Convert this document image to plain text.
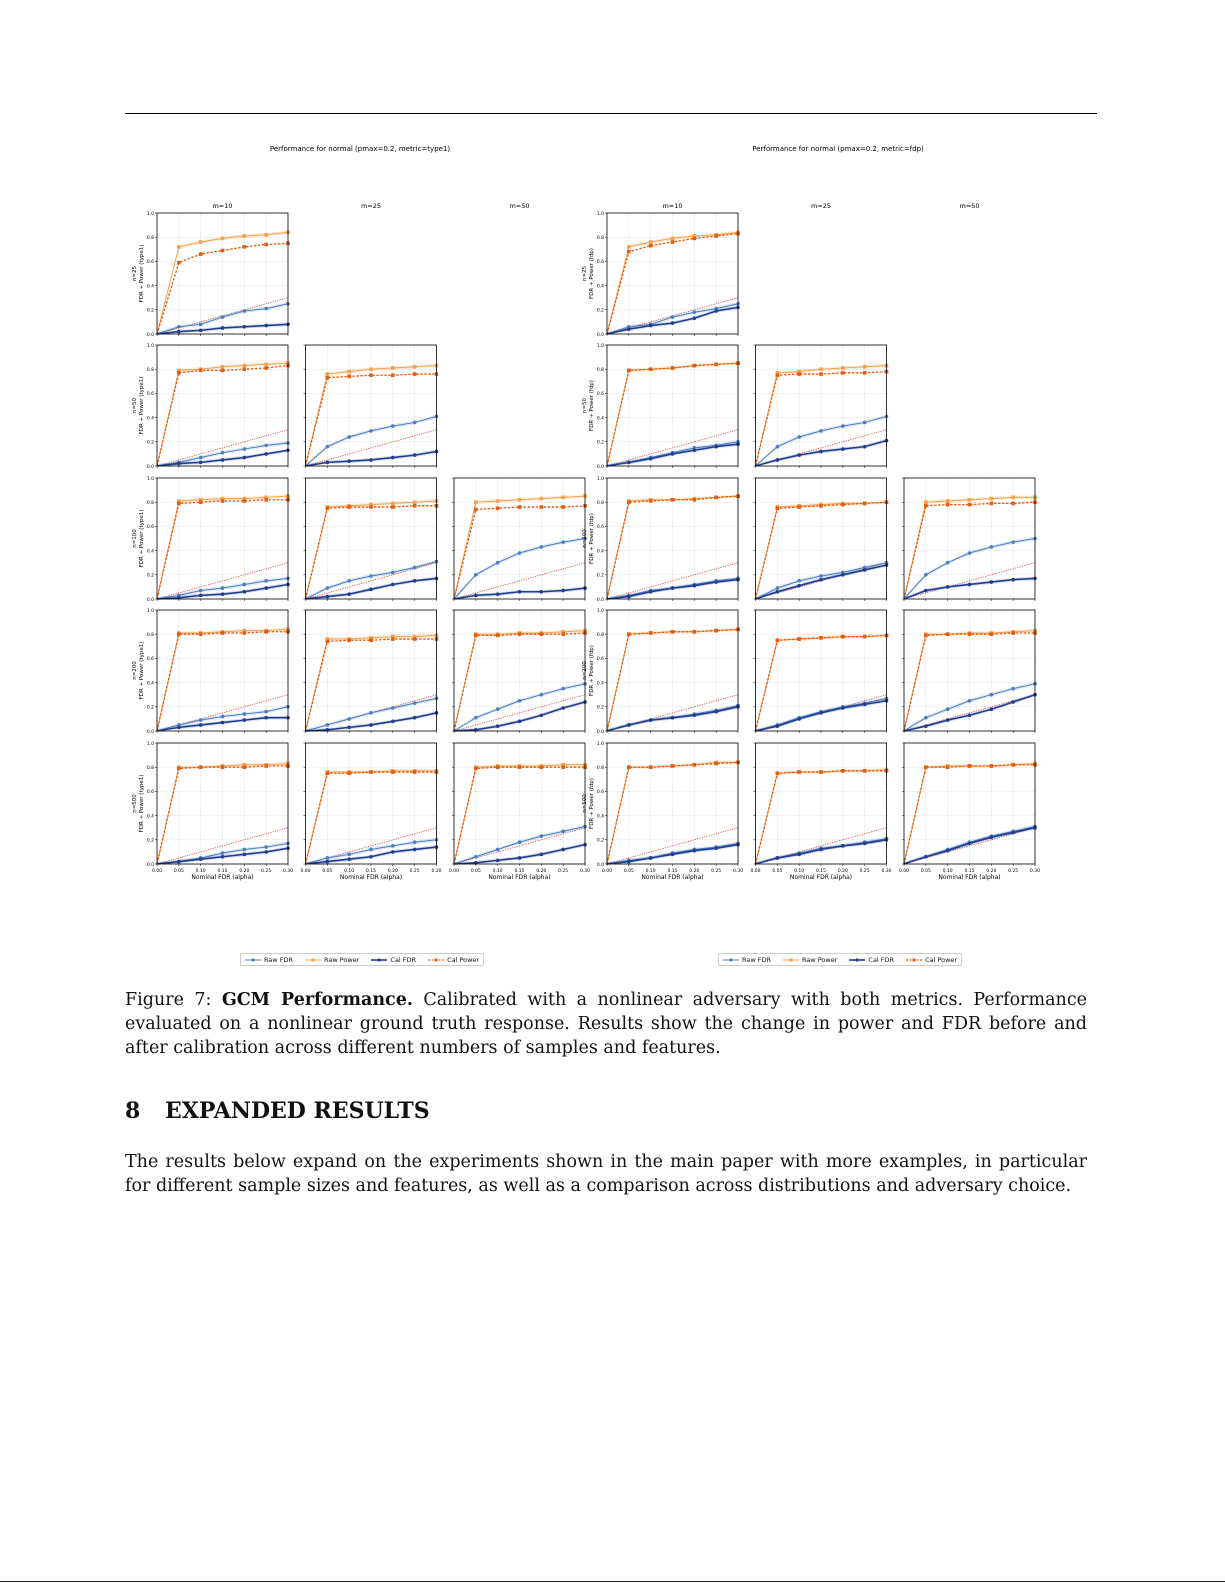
Performance for normal (pmax=0.2, metric=type1)	Performance for normal (pmax=0.2, metric=fdp)
m=10	m=25	m=50
0.0
0.2
0.4
0.6
0.8
1.0
FDR + Power (type1)
n=25
0.0
0.2
0.4
0.6
0.8
1.0
FDR + Power (type1)
n=50
0.0
0.2
0.4
0.6
0.8
1.0
FDR + Power (type1)
n=100
0.0
0.2
0.4
0.6
0.8
1.0
FDR + Power (type1)
n=200
0.0
0.2
0.4
0.6
0.8
1.0
0.00	0.05	0.10	0.15	0.20	0.25	0.30
Nominal FDR (alpha)
FDR + Power (type1)
n=500
0.00	0.05	0.10	0.15	0.20	0.25	0.30
Nominal FDR (alpha)
0.00	0.05	0.10	0.15	0.20	0.25	0.30
Nominal FDR (alpha)
m=10	m=25	m=50
0.0
0.2
0.4
0.6
0.8
1.0
FDR + Power (fdp)
n=25
0.0
0.2
0.4
0.6
0.8
1.0
FDR + Power (fdp)
n=50
0.0
0.2
0.4
0.6
0.8
1.0
FDR + Power (fdp)
n=100
0.0
0.2
0.4
0.6
0.8
1.0
FDR + Power (fdp)
n=200
0.0
0.2
0.4
0.6
0.8
1.0
0.00	0.05	0.10	0.15	0.20	0.25	0.30
Nominal FDR (alpha)
FDR + Power (fdp)
n=500
0.00	0.05	0.10	0.15	0.20	0.25	0.30
Nominal FDR (alpha)
0.00	0.05	0.10	0.15	0.20	0.25	0.30
Nominal FDR (alpha)
Raw FDR	Raw Power	Cal FDR	Cal Power	Raw FDR	Raw Power	Cal FDR	Cal Power
Figure 7: GCM Performance. Calibrated with a nonlinear adversary with both metrics. Performance evaluated on a nonlinear ground truth response. Results show the change in power and FDR before and after calibration across different numbers of samples and features.
8 EXPANDED RESULTS
The results below expand on the experiments shown in the main paper with more examples, in particular for different sample sizes and features, as well as a comparison across distributions and adversary choice.
